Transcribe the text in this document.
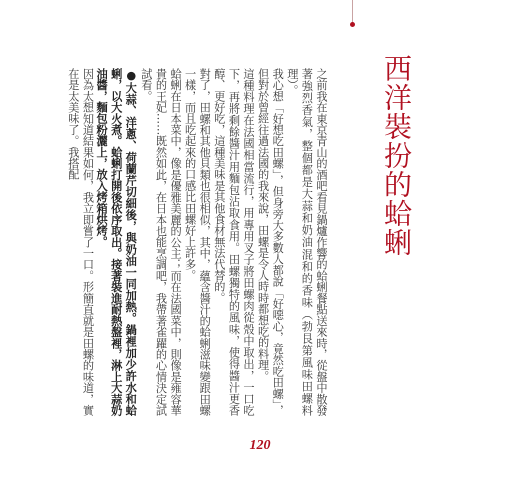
西洋裝扮的蛤蜊

之前我在東京青山的酒吧看見鍋爐作響的蛤蜊餐點送來時，從盤中散發著強烈香氣，整個都是大蒜和奶油混和的香味（勃艮第風味田螺料理）。

我心想「好想吃田螺」，但身旁大多數人都說「好噁心，竟然吃田螺」，但對於曾經往過法國的我來說，田螺是令人時時都想吃的料理。

這種料理在法國相當流行，用專用叉子將田螺肉從殼中取出，一口吃下，再將剩餘醬汁用麵包沾取食用。田螺獨特的風味，使得醬汁更香醇、更好吃，這種美味是其他食材無法代替的。

對了，田螺和其他貝類也很相似，其中，蘊含醬汁的蛤蜊滋味變跟田螺一樣，而且吃起來的口感比田螺好上許多。

蛤蜊在日本菜中，像是優雅美麗的公主；而在法國菜中，則像是雍容華貴的王妃……既然如此，在日本也能烹調吧，我帶著雀躍的心情決定試試看。

●大蒜、洋蔥、荷蘭芹切細後，與奶油一同加熱。鍋裡加少許水和蛤蜊，以大火煮。蛤蜊打開後依序取出。接著裝進耐熱盤裡，淋上大蒜奶油醬，麵包粉灑上，放入烤箱烘烤。

因為太想知道結果如何，我立即嘗了一口。形簡直就是田螺的味道，實在是太美味了。我搭配

120
